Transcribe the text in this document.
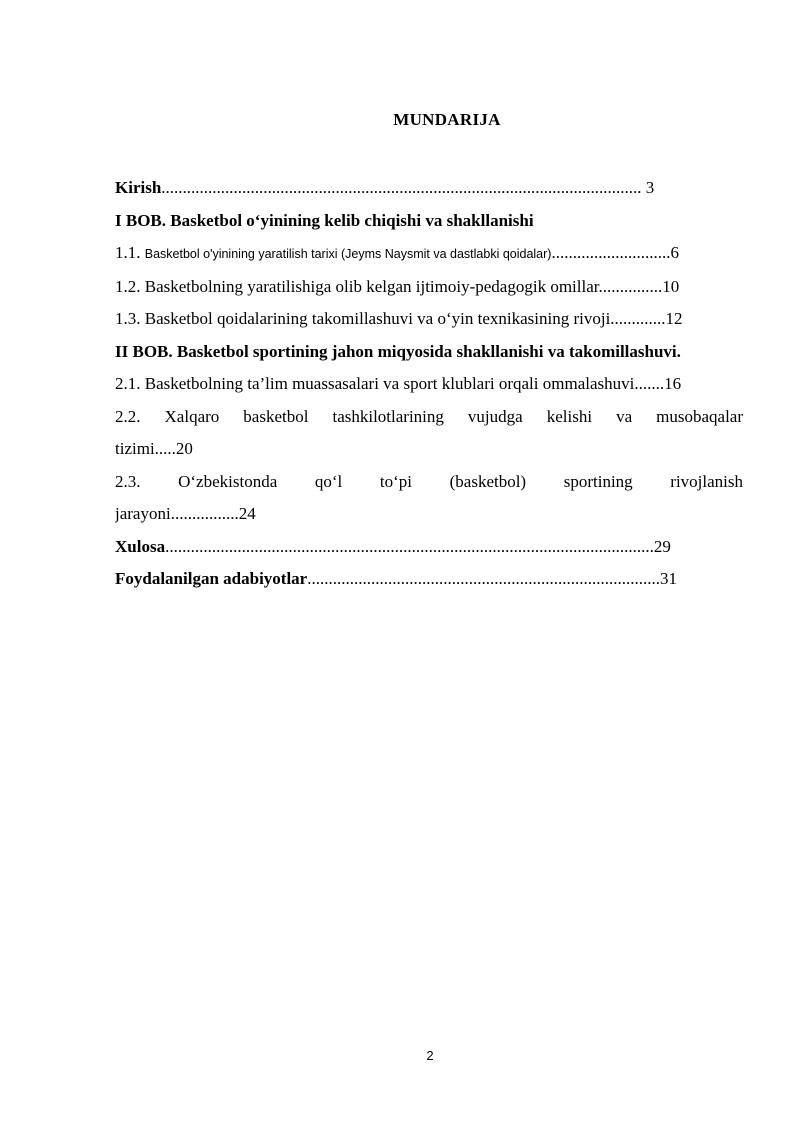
MUNDARIJA
Kirish................................................................................................................. 3
I BOB. Basketbol o‘yinining kelib chiqishi va shakllanishi
1.1. Basketbol o'yinining yaratilish tarixi (Jeyms Naysmit va dastlabki qoidalar)............................6
1.2. Basketbolning yaratilishiga olib kelgan ijtimoiy-pedagogik omillar...............10
1.3. Basketbol qoidalarining takomillashuvi va o‘yin texnikasining rivoji.............12
II BOB. Basketbol sportining jahon miqyosida shakllanishi va takomillashuvi.
2.1. Basketbolning ta’lim muassasalari va sport klublari orqali ommalashuvi.......16
2.2. Xalqaro basketbol tashkilotlarining vujudga kelishi va musobaqalar
tizimi.....20
2.3. O‘zbekistonda qo‘l to‘pi (basketbol) sportining rivojlanish
jarayoni................24
Xulosa...................................................................................................................29
Foydalanilgan adabiyotlar...................................................................................31
2
